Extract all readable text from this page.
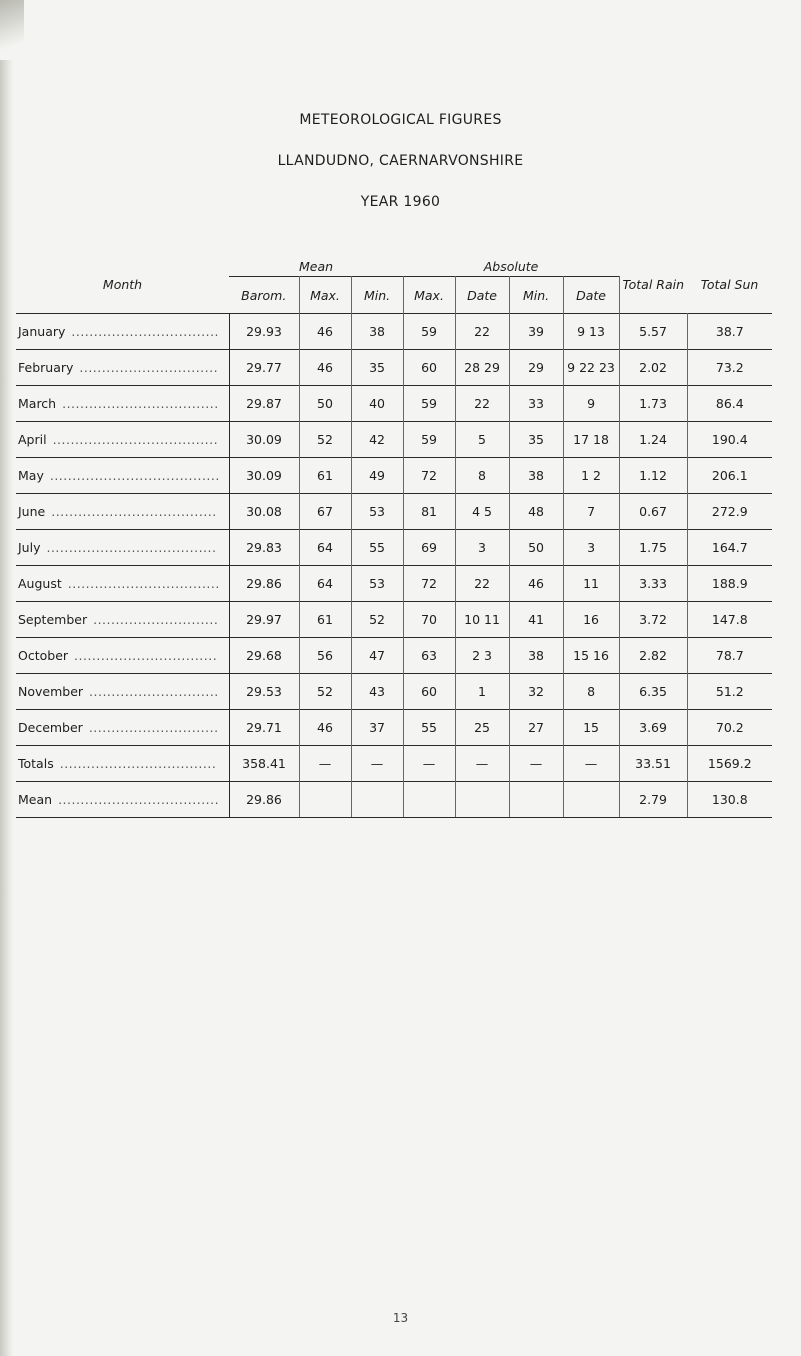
METEOROLOGICAL FIGURES
LLANDUDNO, CAERNARVONSHIRE
YEAR 1960
Month	Mean			Absolute				Total Rain	Total Sun
	Barom.	Max.	Min.	Max.	Date	Min.	Date		
January .................................	29.93	46	38	59	22	39	9 13	5.57	38.7
February ...............................	29.77	46	35	60	28 29	29	9 22 23	2.02	73.2
March ...................................	29.87	50	40	59	22	33	9	1.73	86.4
April .....................................	30.09	52	42	59	5	35	17 18	1.24	190.4
May ......................................	30.09	61	49	72	8	38	1 2	1.12	206.1
June .....................................	30.08	67	53	81	4 5	48	7	0.67	272.9
July ......................................	29.83	64	55	69	3	50	3	1.75	164.7
August ..................................	29.86	64	53	72	22	46	11	3.33	188.9
September ............................	29.97	61	52	70	10 11	41	16	3.72	147.8
October ................................	29.68	56	47	63	2 3	38	15 16	2.82	78.7
November .............................	29.53	52	43	60	1	32	8	6.35	51.2
December .............................	29.71	46	37	55	25	27	15	3.69	70.2
Totals ...................................	358.41	—	—	—	—	—	—	33.51	1569.2
Mean ....................................	29.86							2.79	130.8
13
